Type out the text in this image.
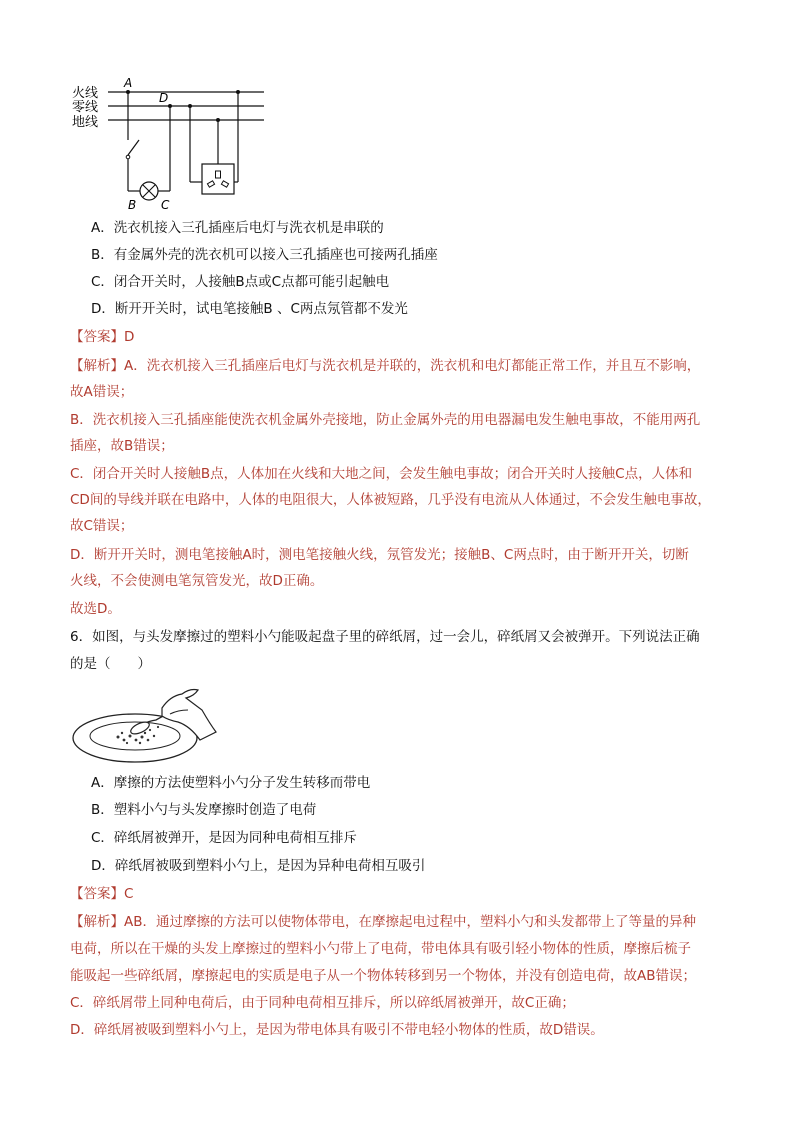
火线
零线
地线
A
D
B C
A．洗衣机接入三孔插座后电灯与洗衣机是串联的
B．有金属外壳的洗衣机可以接入三孔插座也可接两孔插座
C．闭合开关时，人接触B点或C点都可能引起触电
D．断开开关时，试电笔接触B 、C两点氖管都不发光
【答案】D
【解析】A．洗衣机接入三孔插座后电灯与洗衣机是并联的，洗衣机和电灯都能正常工作，并且互不影响，
故A错误；
B．洗衣机接入三孔插座能使洗衣机金属外壳接地，防止金属外壳的用电器漏电发生触电事故，不能用两孔
插座，故B错误；
C．闭合开关时人接触B点，人体加在火线和大地之间，会发生触电事故；闭合开关时人接触C点，人体和
CD间的导线并联在电路中，人体的电阻很大，人体被短路，几乎没有电流从人体通过，不会发生触电事故，
故C错误；
D．断开开关时，测电笔接触A时，测电笔接触火线，氖管发光；接触B、C两点时，由于断开开关，切断
火线，不会使测电笔氖管发光，故D正确。
故选D。
6．如图，与头发摩擦过的塑料小勺能吸起盘子里的碎纸屑，过一会儿，碎纸屑又会被弹开。下列说法正确
的是（　　）
A．摩擦的方法使塑料小勺分子发生转移而带电
B．塑料小勺与头发摩擦时创造了电荷
C．碎纸屑被弹开，是因为同种电荷相互排斥
D．碎纸屑被吸到塑料小勺上，是因为异种电荷相互吸引
【答案】C
【解析】AB．通过摩擦的方法可以使物体带电，在摩擦起电过程中，塑料小勺和头发都带上了等量的异种
电荷，所以在干燥的头发上摩擦过的塑料小勺带上了电荷，带电体具有吸引轻小物体的性质，摩擦后梳子
能吸起一些碎纸屑，摩擦起电的实质是电子从一个物体转移到另一个物体，并没有创造电荷，故AB错误；
C．碎纸屑带上同种电荷后，由于同种电荷相互排斥，所以碎纸屑被弹开，故C正确；
D．碎纸屑被吸到塑料小勺上，是因为带电体具有吸引不带电轻小物体的性质，故D错误。
